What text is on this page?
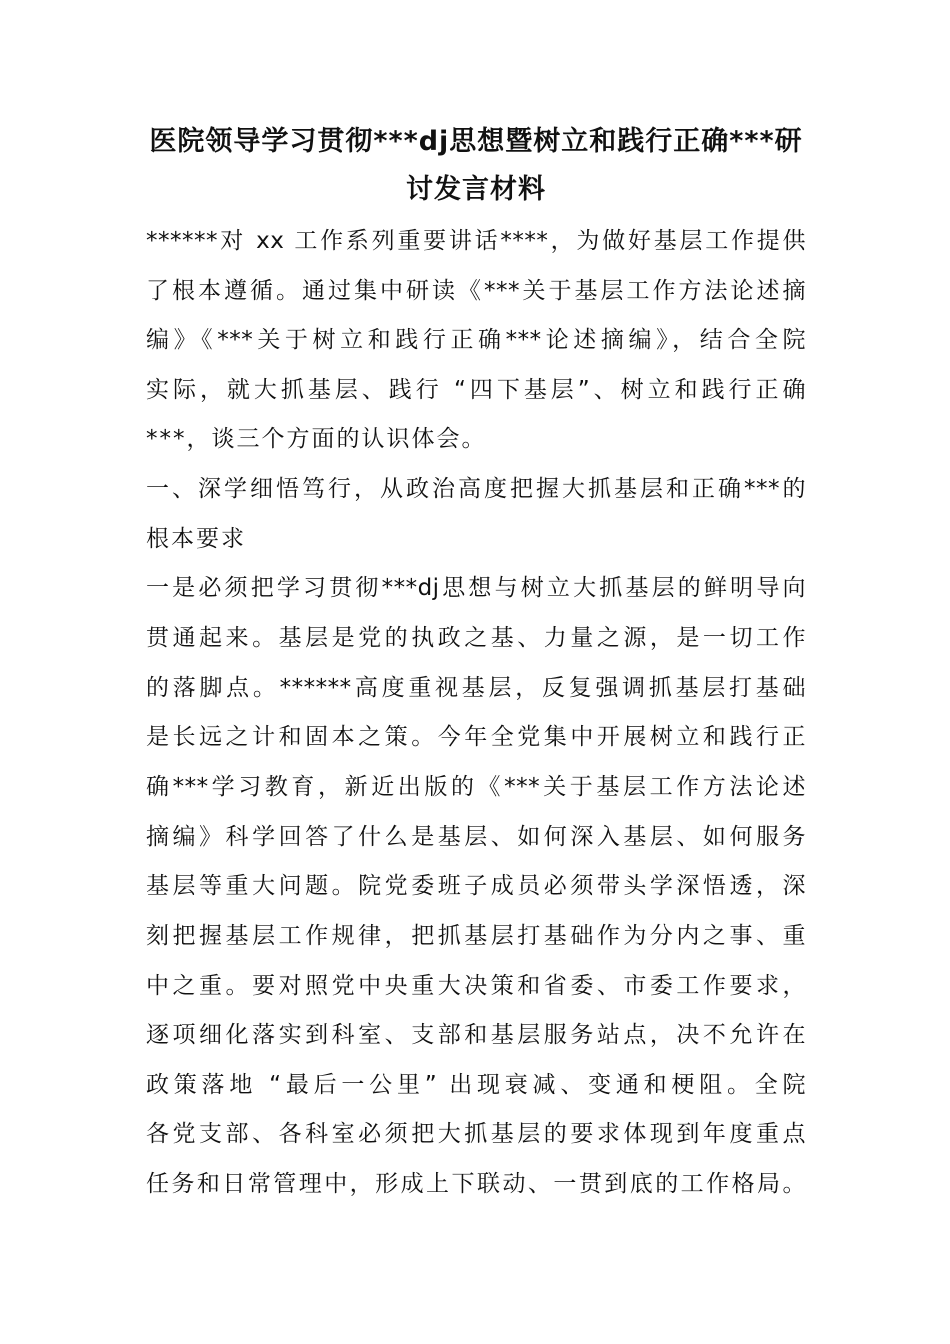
医院领导学习贯彻***dj思想暨树立和践行正确***研
讨发言材料
******对 xx 工作系列重要讲话****，为做好基层工作提供
了根本遵循。通过集中研读《***关于基层工作方法论述摘
编》《***关于树立和践行正确***论述摘编》，结合全院
实际，就大抓基层、践行 “四下基层”、树立和践行正确
***，谈三个方面的认识体会。
一、深学细悟笃行，从政治高度把握大抓基层和正确***的
根本要求
一是必须把学习贯彻***dj思想与树立大抓基层的鲜明导向
贯通起来。基层是党的执政之基、力量之源，是一切工作
的落脚点。******高度重视基层，反复强调抓基层打基础
是长远之计和固本之策。今年全党集中开展树立和践行正
确***学习教育，新近出版的《***关于基层工作方法论述
摘编》科学回答了什么是基层、如何深入基层、如何服务
基层等重大问题。院党委班子成员必须带头学深悟透，深
刻把握基层工作规律，把抓基层打基础作为分内之事、重
中之重。要对照党中央重大决策和省委、市委工作要求，
逐项细化落实到科室、支部和基层服务站点，决不允许在
政策落地 “最后一公里” 出现衰减、变通和梗阻。全院
各党支部、各科室必须把大抓基层的要求体现到年度重点
任务和日常管理中，形成上下联动、一贯到底的工作格局。
